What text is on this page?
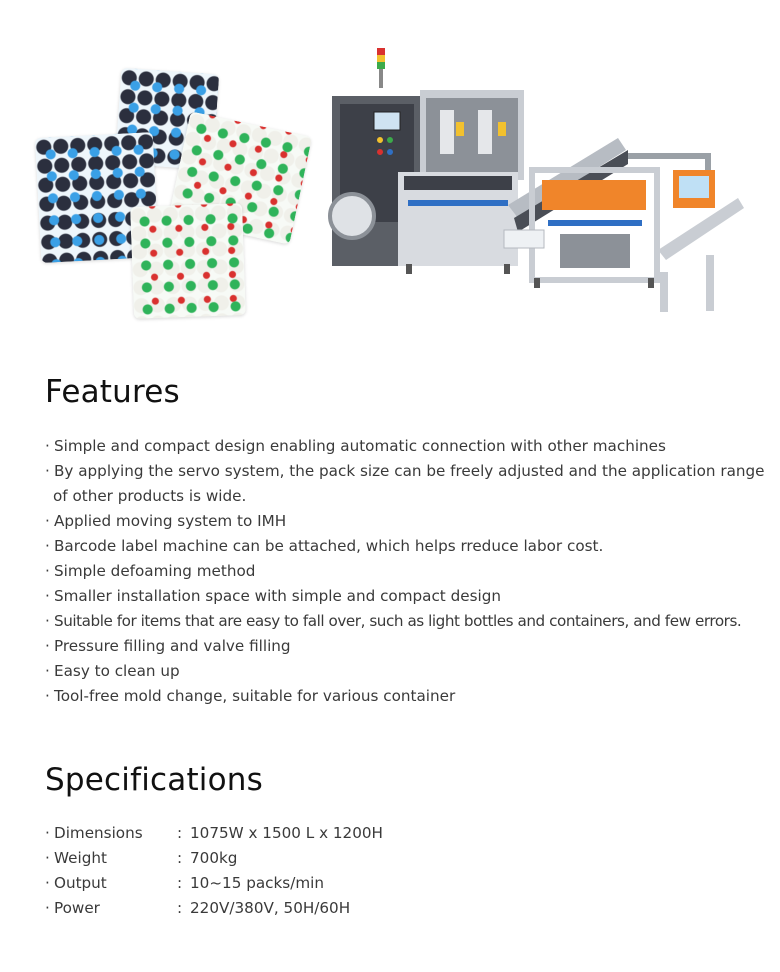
Features
· Simple and compact design enabling automatic connection with other machines
· By applying the servo system, the pack size can be freely adjusted and the application range of other products is wide.
· Applied moving system to IMH
· Barcode label machine can be attached, which helps rreduce labor cost.
· Simple defoaming method
· Smaller installation space with simple and compact design
· Suitable for items that are easy to fall over, such as light bottles and containers, and few errors.
· Pressure filling and valve filling
· Easy to clean up
· Tool-free mold change, suitable for various container
Specifications
· Dimensions	: 1075W x 1500 L x 1200H
· Weight	: 700kg
· Output	: 10~15 packs/min
· Power	: 220V/380V, 50H/60H
